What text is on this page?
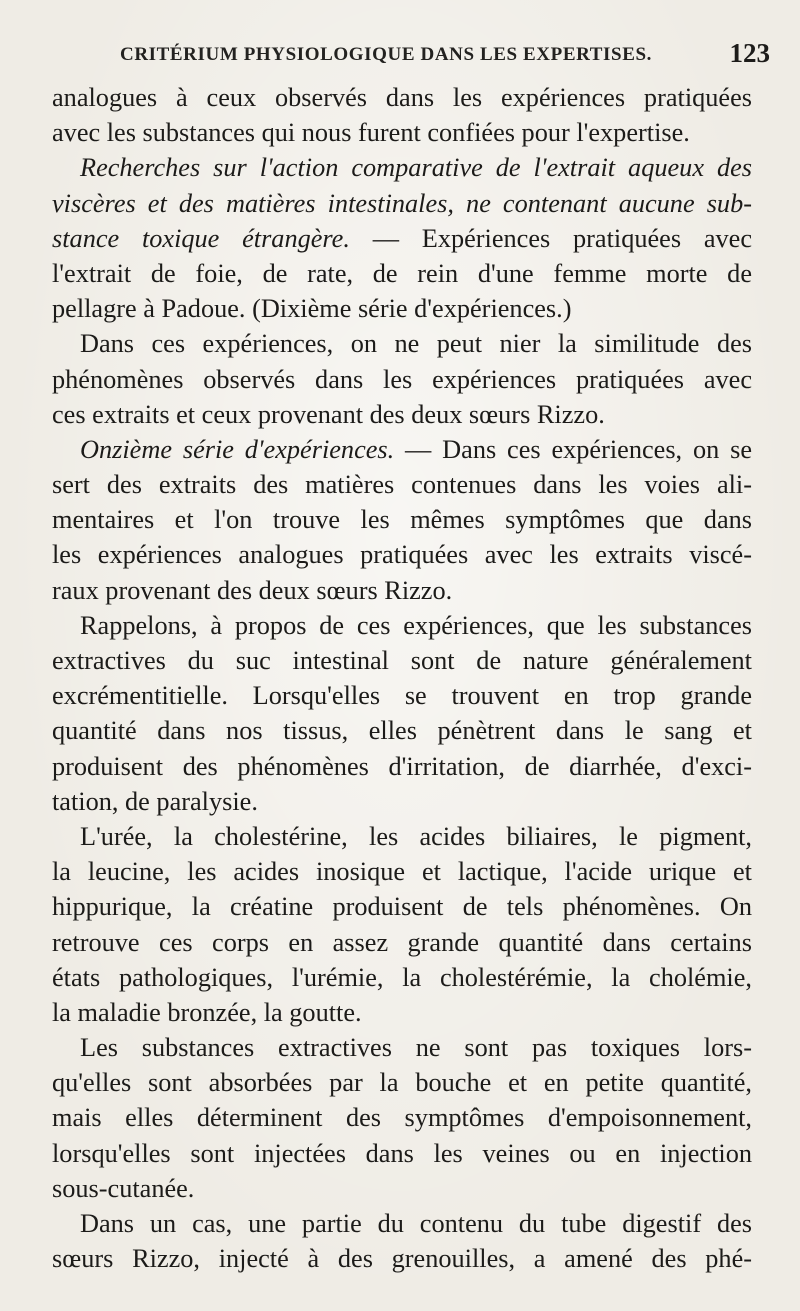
CRITÉRIUM PHYSIOLOGIQUE DANS LES EXPERTISES.	123
analogues à ceux observés dans les expériences pratiquées
avec les substances qui nous furent confiées pour l'expertise.
Recherches sur l'action comparative de l'extrait aqueux des
viscères et des matières intestinales, ne contenant aucune sub-
stance toxique étrangère. — Expériences pratiquées avec
l'extrait de foie, de rate, de rein d'une femme morte de
pellagre à Padoue. (Dixième série d'expériences.)
Dans ces expériences, on ne peut nier la similitude des
phénomènes observés dans les expériences pratiquées avec
ces extraits et ceux provenant des deux sœurs Rizzo.
Onzième série d'expériences. — Dans ces expériences, on se
sert des extraits des matières contenues dans les voies ali-
mentaires et l'on trouve les mêmes symptômes que dans
les expériences analogues pratiquées avec les extraits viscé-
raux provenant des deux sœurs Rizzo.
Rappelons, à propos de ces expériences, que les substances
extractives du suc intestinal sont de nature généralement
excrémentitielle. Lorsqu'elles se trouvent en trop grande
quantité dans nos tissus, elles pénètrent dans le sang et
produisent des phénomènes d'irritation, de diarrhée, d'exci-
tation, de paralysie.
L'urée, la cholestérine, les acides biliaires, le pigment,
la leucine, les acides inosique et lactique, l'acide urique et
hippurique, la créatine produisent de tels phénomènes. On
retrouve ces corps en assez grande quantité dans certains
états pathologiques, l'urémie, la cholestérémie, la cholémie,
la maladie bronzée, la goutte.
Les substances extractives ne sont pas toxiques lors-
qu'elles sont absorbées par la bouche et en petite quantité,
mais elles déterminent des symptômes d'empoisonnement,
lorsqu'elles sont injectées dans les veines ou en injection
sous-cutanée.
Dans un cas, une partie du contenu du tube digestif des
sœurs Rizzo, injecté à des grenouilles, a amené des phé-
